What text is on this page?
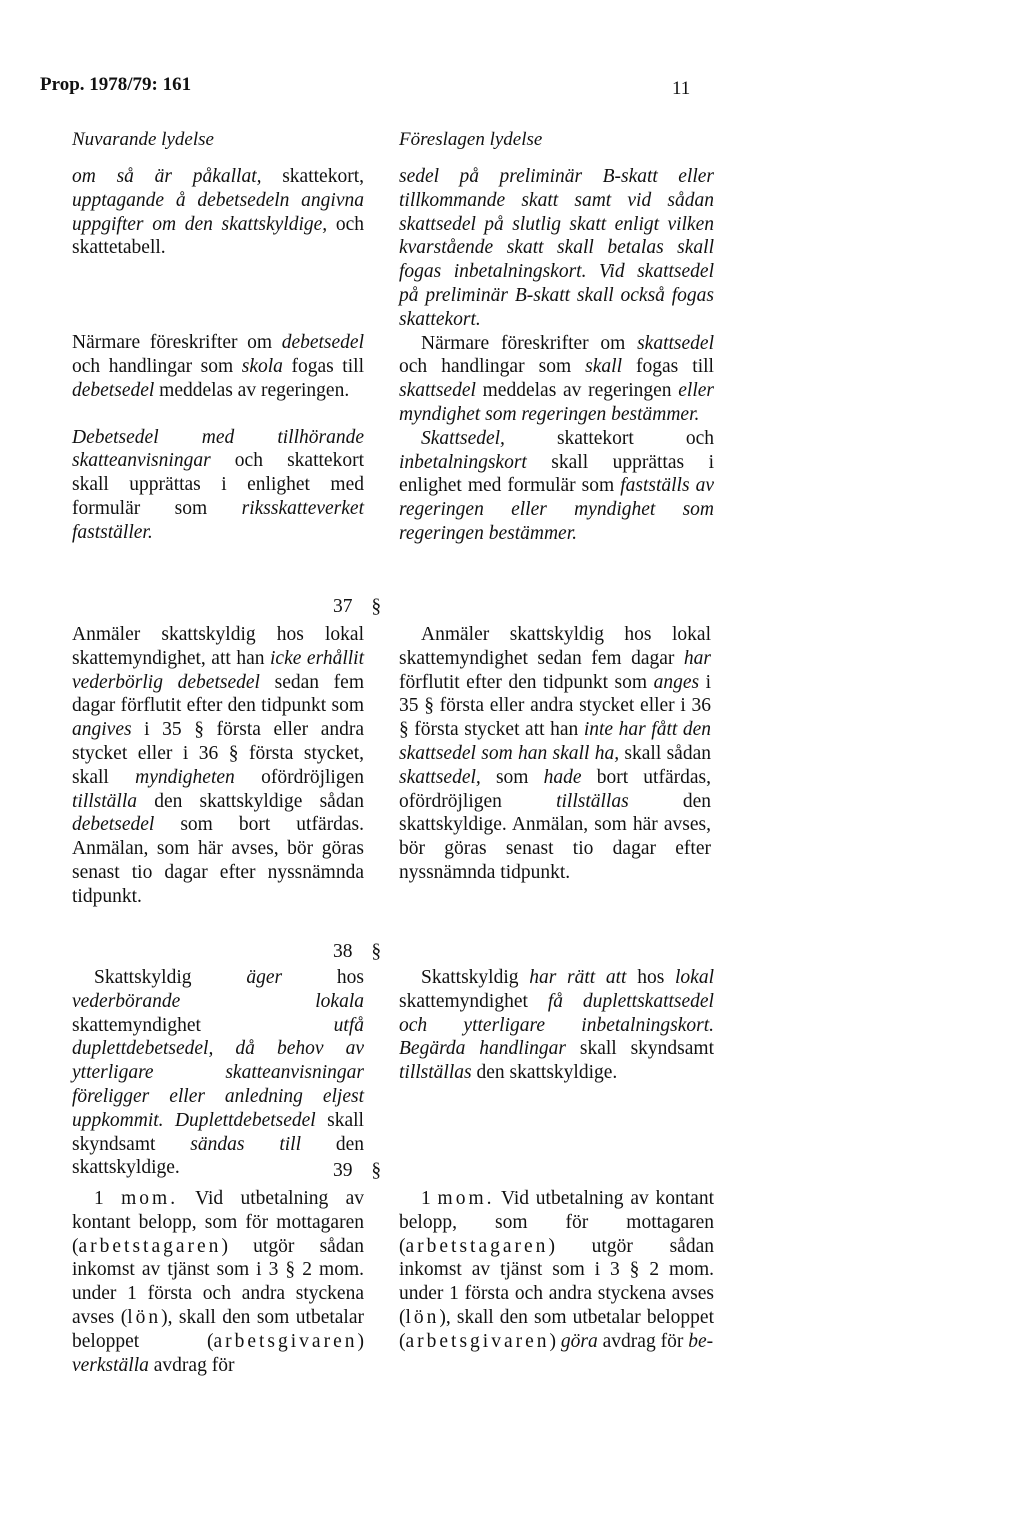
Prop. 1978/79: 161	11
Nuvarande lydelse	Föreslagen lydelse

om så är påkallat, skattekort, upptagande å debetsedeln angivna uppgifter om den skattskyldige, och skattetabell.

Närmare föreskrifter om debetsedel och handlingar som skola fogas till debetsedel meddelas av regeringen.

Debetsedel med tillhörande skatteanvisningar och skattekort skall upprättas i enlighet med formulär som riksskatteverket fastställer.

sedel på preliminär B-skatt eller tillkommande skatt samt vid sådan skattsedel på slutlig skatt enligt vilken kvarstående skatt skall betalas skall fogas inbetalningskort. Vid skattsedel på preliminär B-skatt skall också fogas skattekort.

Närmare föreskrifter om skattsedel och handlingar som skall fogas till skattsedel meddelas av regeringen eller myndighet som regeringen bestämmer.

Skattsedel, skattekort och inbetalningskort skall upprättas i enlighet med formulär som fastställs av regeringen eller myndighet som regeringen bestämmer.

37 §

Anmäler skattskyldig hos lokal skattemyndighet, att han icke erhållit vederbörlig debetsedel sedan fem dagar förflutit efter den tidpunkt som angives i 35 § första eller andra stycket eller i 36 § första stycket, skall myndigheten ofördröjligen tillställa den skattskyldige sådan debetsedel som bort utfärdas. Anmälan, som här avses, bör göras senast tio dagar efter nyssnämnda tidpunkt.

Anmäler skattskyldig hos lokal skattemyndighet sedan fem dagar har förflutit efter den tidpunkt som anges i 35 § första eller andra stycket eller i 36 § första stycket att han inte har fått den skattsedel som han skall ha, skall sådan skattsedel, som hade bort utfärdas, ofördröjligen tillställas den skattskyldige. Anmälan, som här avses, bör göras senast tio dagar efter nyssnämnda tidpunkt.

38 §

Skattskyldig äger hos vederbörande lokala skattemyndighet utfå duplettdebetsedel, då behov av ytterligare skatteanvisningar föreligger eller anledning eljest uppkommit. Duplettdebetsedel skall skyndsamt sändas till den skattskyldige.

Skattskyldig har rätt att hos lokal skattemyndighet få duplettskattsedel och ytterligare inbetalningskort. Begärda handlingar skall skyndsamt tillställas den skattskyldige.

39 §

1 mom. Vid utbetalning av kontant belopp, som för mottagaren (arbetstagaren) utgör sådan inkomst av tjänst som i 3 § 2 mom. under 1 första och andra styckena avses (lön), skall den som utbetalar beloppet (arbetsgivaren) verkställa avdrag för

1 mom. Vid utbetalning av kontant belopp, som för mottagaren (arbetstagaren) utgör sådan inkomst av tjänst som i 3 § 2 mom. under 1 första och andra styckena avses (lön), skall den som utbetalar beloppet (arbetsgivaren) göra avdrag för be-
